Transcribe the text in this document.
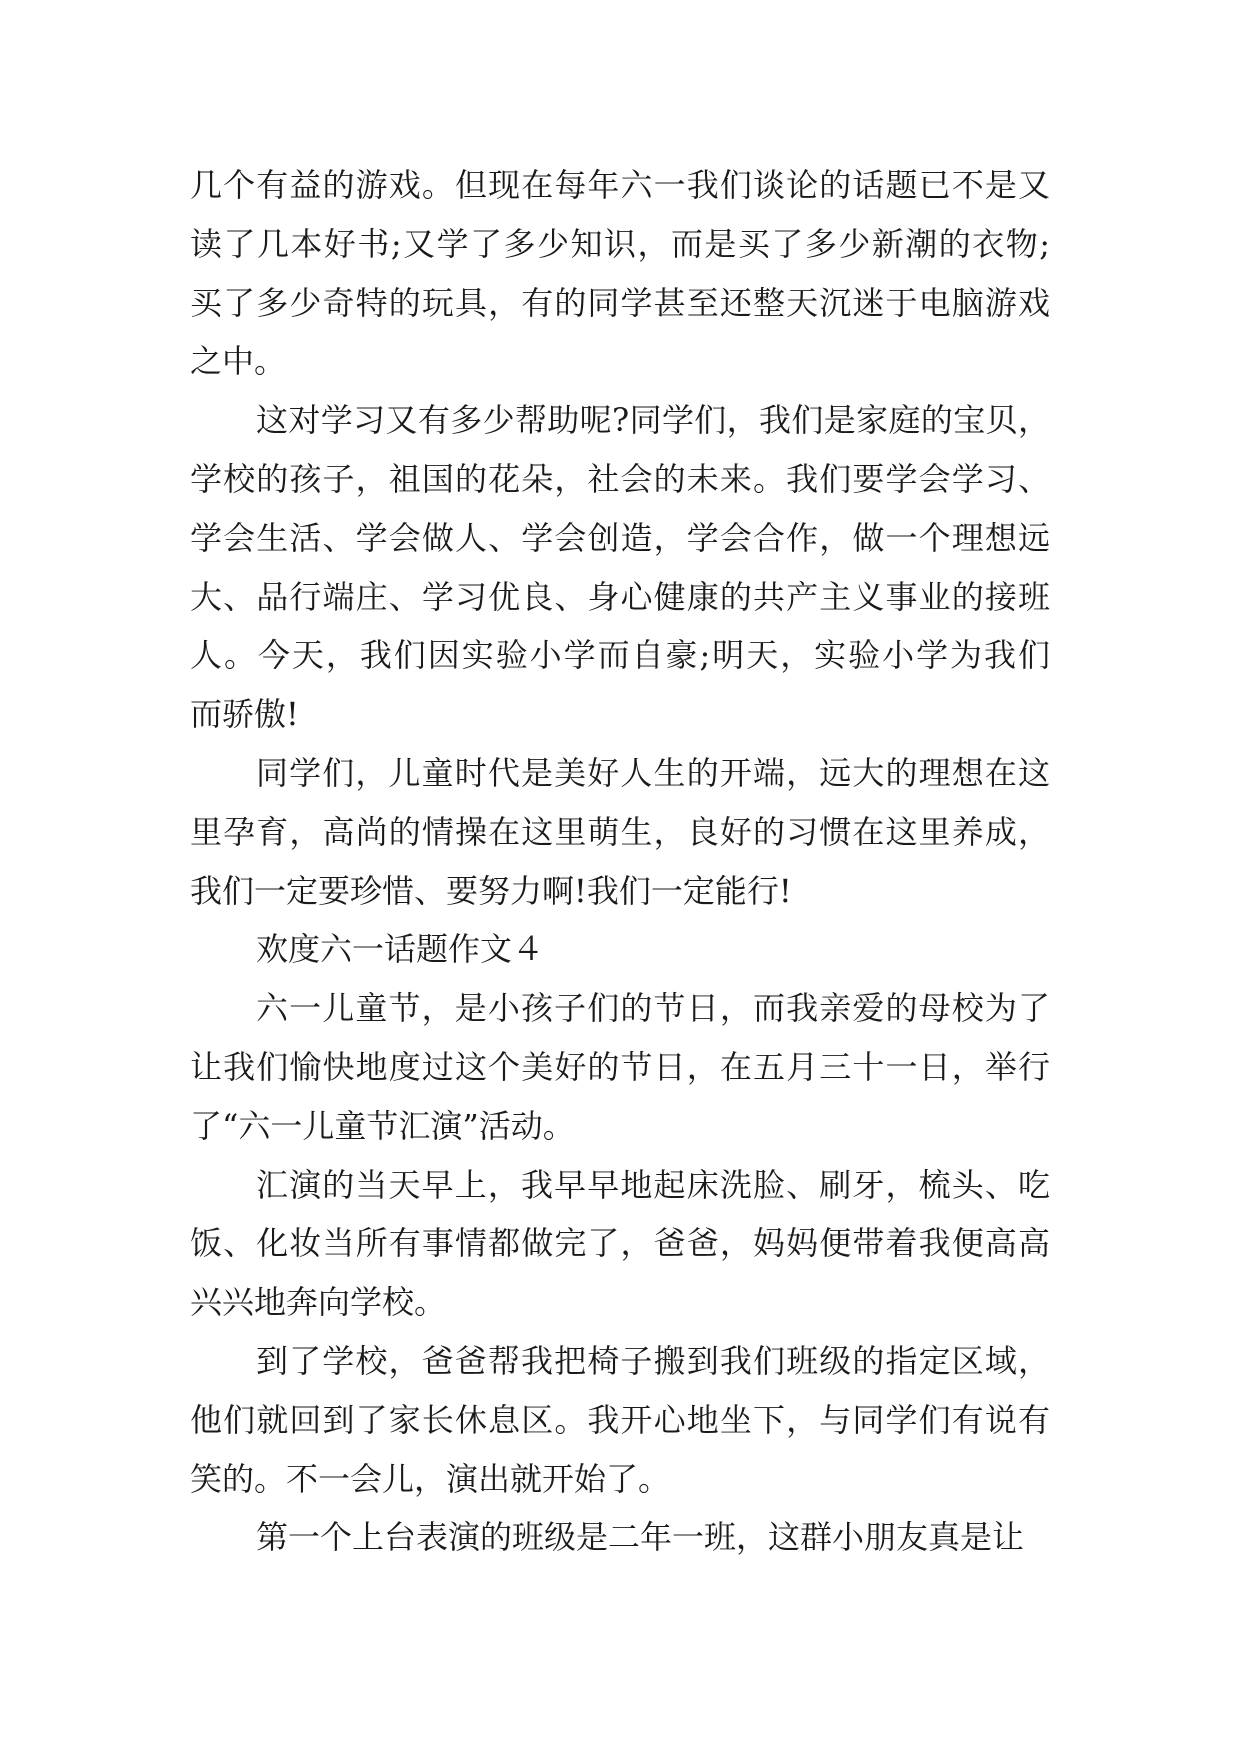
几个有益的游戏。但现在每年六一我们谈论的话题已不是又
读了几本好书;又学了多少知识，而是买了多少新潮的衣物;
买了多少奇特的玩具，有的同学甚至还整天沉迷于电脑游戏
之中。
这对学习又有多少帮助呢?同学们，我们是家庭的宝贝，
学校的孩子，祖国的花朵，社会的未来。我们要学会学习、
学会生活、学会做人、学会创造，学会合作，做一个理想远
大、品行端庄、学习优良、身心健康的共产主义事业的接班
人。今天，我们因实验小学而自豪;明天，实验小学为我们
而骄傲!
同学们，儿童时代是美好人生的开端，远大的理想在这
里孕育，高尚的情操在这里萌生，良好的习惯在这里养成，
我们一定要珍惜、要努力啊!我们一定能行!
欢度六一话题作文４
六一儿童节，是小孩子们的节日，而我亲爱的母校为了
让我们愉快地度过这个美好的节日，在五月三十一日，举行
了“六一儿童节汇演”活动。
汇演的当天早上，我早早地起床洗脸、刷牙，梳头、吃
饭、化妆当所有事情都做完了，爸爸，妈妈便带着我便高高
兴兴地奔向学校。
到了学校，爸爸帮我把椅子搬到我们班级的指定区域，
他们就回到了家长休息区。我开心地坐下，与同学们有说有
笑的。不一会儿，演出就开始了。
第一个上台表演的班级是二年一班，这群小朋友真是让
